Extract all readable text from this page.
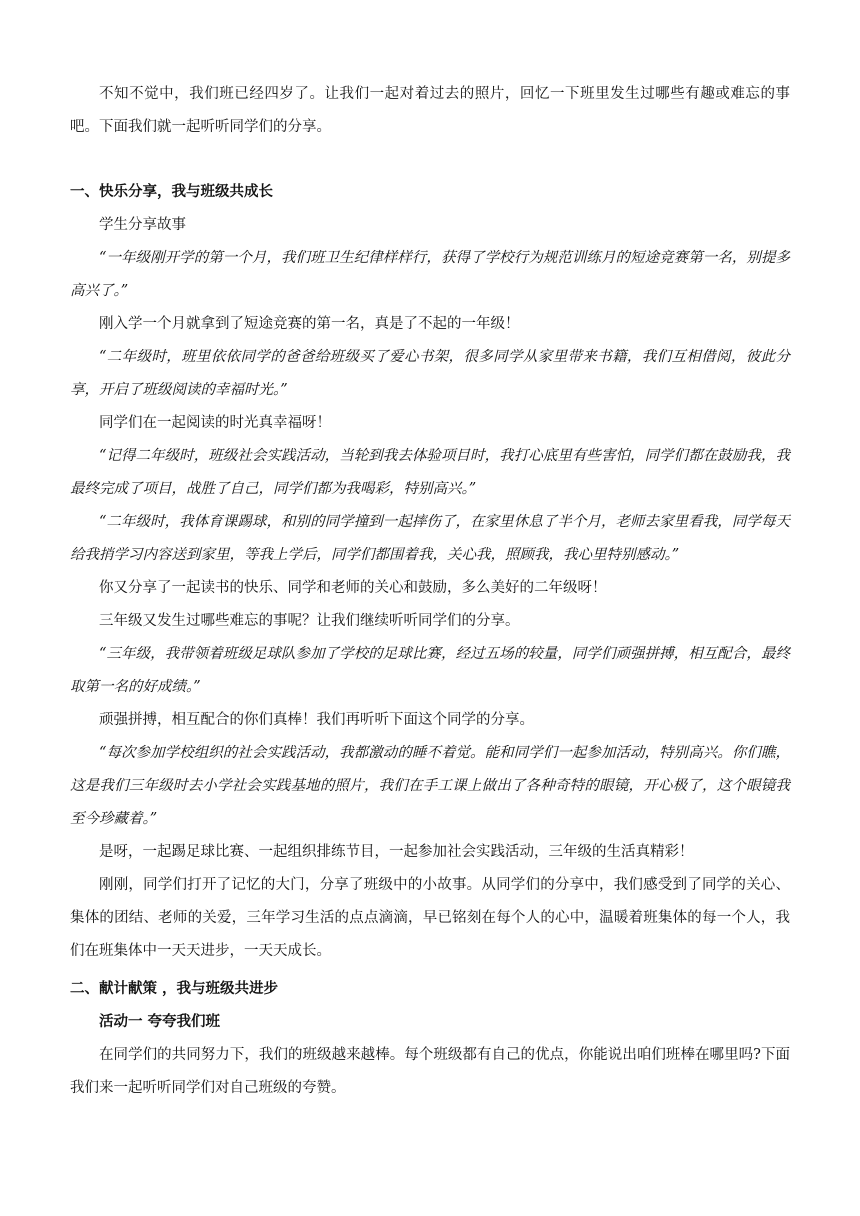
不知不觉中，我们班已经四岁了。让我们一起对着过去的照片，回忆一下班里发生过哪些有趣或难忘的事吧。下面我们就一起听听同学们的分享。

一、快乐分享，我与班级共成长

学生分享故事

“一年级刚开学的第一个月，我们班卫生纪律样样行，获得了学校行为规范训练月的短途竞赛第一名，别提多高兴了。”

刚入学一个月就拿到了短途竞赛的第一名，真是了不起的一年级！

“二年级时，班里依依同学的爸爸给班级买了爱心书架，很多同学从家里带来书籍，我们互相借阅，彼此分享，开启了班级阅读的幸福时光。”

同学们在一起阅读的时光真幸福呀！

“记得二年级时，班级社会实践活动，当轮到我去体验项目时，我打心底里有些害怕，同学们都在鼓励我，我最终完成了项目，战胜了自己，同学们都为我喝彩，特别高兴。”

“二年级时，我体育课踢球，和别的同学撞到一起摔伤了，在家里休息了半个月，老师去家里看我，同学每天给我捎学习内容送到家里，等我上学后，同学们都围着我，关心我，照顾我，我心里特别感动。”

你又分享了一起读书的快乐、同学和老师的关心和鼓励，多么美好的二年级呀！

三年级又发生过哪些难忘的事呢？让我们继续听听同学们的分享。

“三年级，我带领着班级足球队参加了学校的足球比赛，经过五场的较量，同学们顽强拼搏，相互配合，最终取第一名的好成绩。”

顽强拼搏，相互配合的你们真棒！我们再听听下面这个同学的分享。

“每次参加学校组织的社会实践活动，我都激动的睡不着觉。能和同学们一起参加活动，特别高兴。你们瞧，这是我们三年级时去小学社会实践基地的照片，我们在手工课上做出了各种奇特的眼镜，开心极了，这个眼镜我至今珍藏着。”

是呀，一起踢足球比赛、一起组织排练节目，一起参加社会实践活动，三年级的生活真精彩！

刚刚，同学们打开了记忆的大门，分享了班级中的小故事。从同学们的分享中，我们感受到了同学的关心、集体的团结、老师的关爱，三年学习生活的点点滴滴，早已铭刻在每个人的心中，温暖着班集体的每一个人，我们在班集体中一天天进步，一天天成长。

二、献计献策 ，我与班级共进步

活动一 夸夸我们班

在同学们的共同努力下，我们的班级越来越棒。每个班级都有自己的优点，你能说出咱们班棒在哪里吗?下面我们来一起听听同学们对自己班级的夸赞。
